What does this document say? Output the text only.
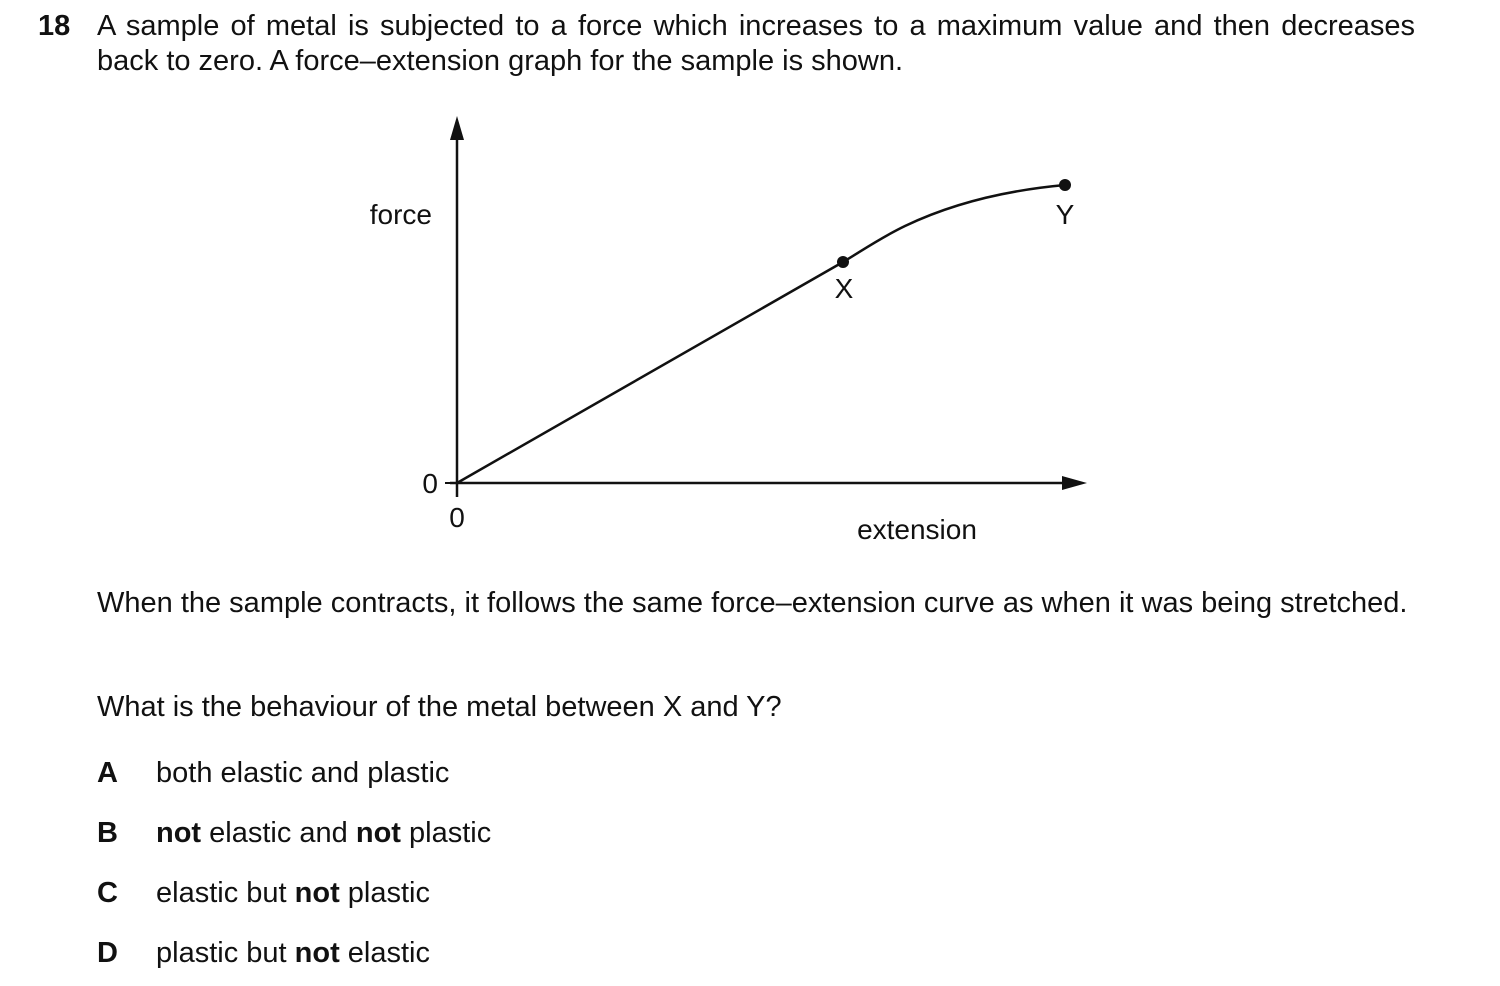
18 A sample of metal is subjected to a force which increases to a maximum value and then decreases back to zero. A force–extension graph for the sample is shown.
X
Y
force
extension
0
0
When the sample contracts, it follows the same force–extension curve as when it was being stretched.
What is the behaviour of the metal between X and Y?
A both elastic and plastic
B not elastic and not plastic
C elastic but not plastic
D plastic but not elastic
